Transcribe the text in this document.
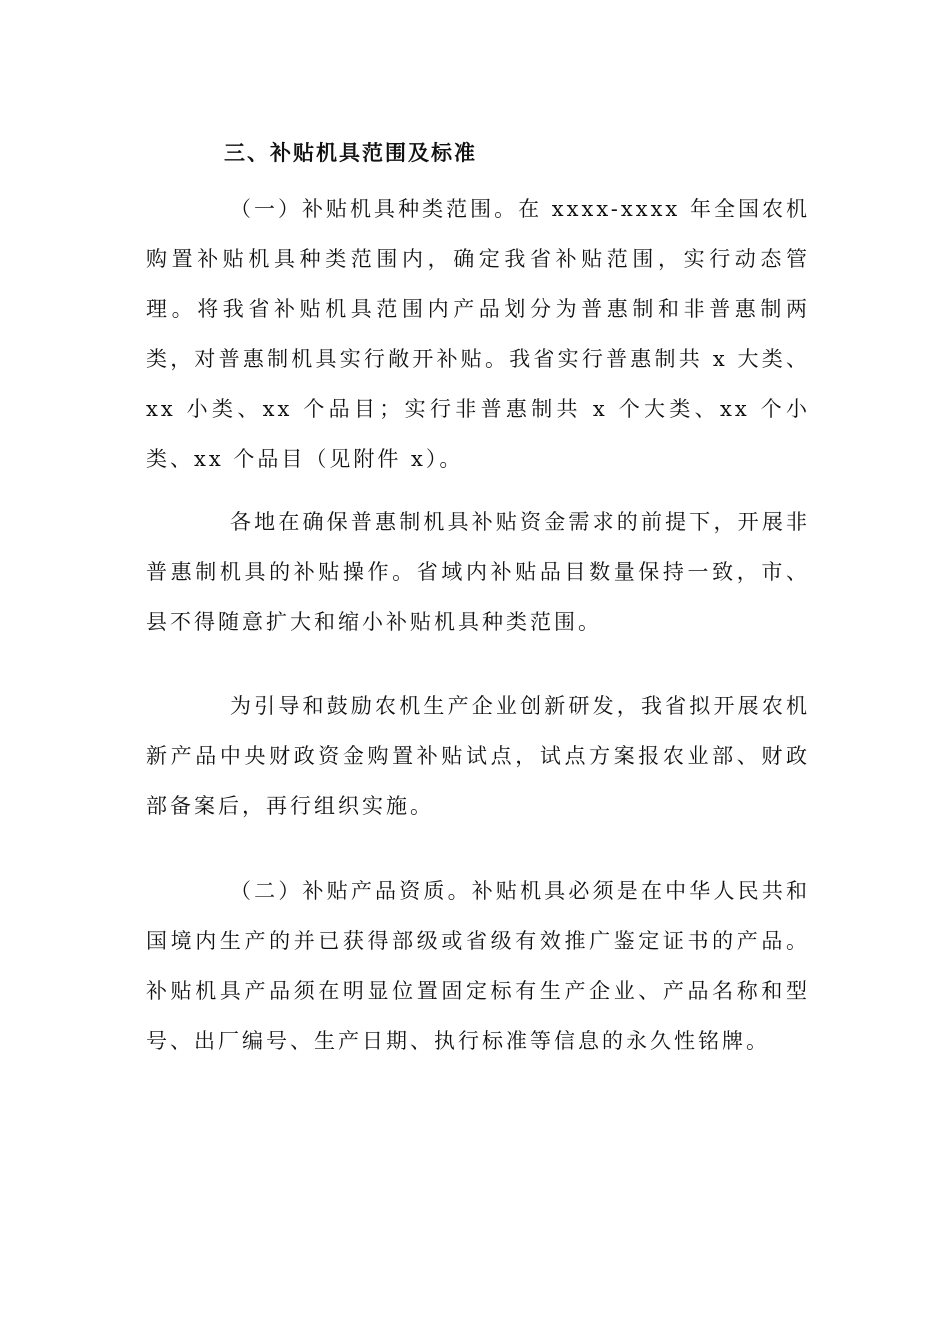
三、补贴机具范围及标准

（一）补贴机具种类范围。在 xxxx-xxxx 年全国农机购置补贴机具种类范围内，确定我省补贴范围，实行动态管理。将我省补贴机具范围内产品划分为普惠制和非普惠制两类，对普惠制机具实行敞开补贴。我省实行普惠制共 x 大类、xx 小类、xx 个品目；实行非普惠制共 x 个大类、xx 个小类、xx 个品目（见附件 x）。

各地在确保普惠制机具补贴资金需求的前提下，开展非普惠制机具的补贴操作。省域内补贴品目数量保持一致，市、县不得随意扩大和缩小补贴机具种类范围。

为引导和鼓励农机生产企业创新研发，我省拟开展农机新产品中央财政资金购置补贴试点，试点方案报农业部、财政部备案后，再行组织实施。

（二）补贴产品资质。补贴机具必须是在中华人民共和国境内生产的并已获得部级或省级有效推广鉴定证书的产品。补贴机具产品须在明显位置固定标有生产企业、产品名称和型号、出厂编号、生产日期、执行标准等信息的永久性铭牌。
